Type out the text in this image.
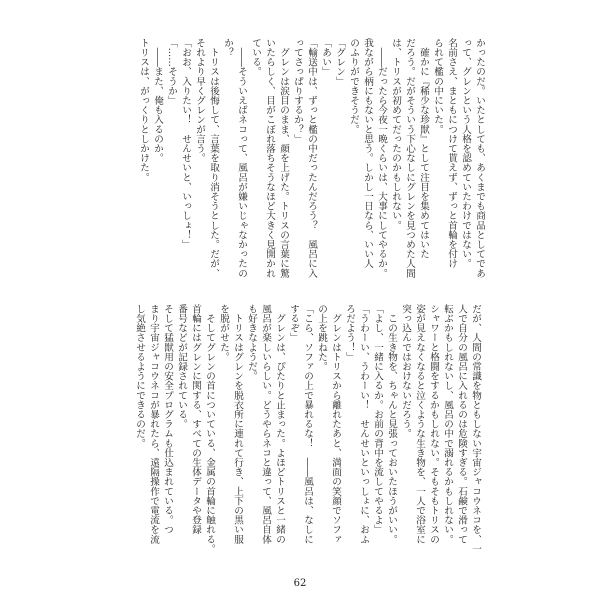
かったのだ。いたとしても、あくまでも商品としてであ
って、グレンという人格を認めていたわけではない。
名前さえ、まともにつけて貰えず、ずっと首輪を付け
られて檻の中にいた。
　確かに『稀少な珍獣』として注目を集めてはいた
だろう。だがそういう下心なしにグレンを見つめた人間
は、トリスが初めてだったのかもしれない。
　――だったら今夜一晩くらいは、大事にしてやるか。
我ながら柄にもないと思う。しかし一日なら、いい人
のふりができそうだ。
「グレン」
「あい」
「輸送中は、ずっと檻の中だったんだろう？　風呂に入
ってさっぱりするか？」
　グレンは涙目のまま、顔を上げた。トリスの言葉に驚
いたらしく、目がこぼれ落ちそうなほど大きく見開かれ
ている。
　――そういえばネコって、風呂が嫌いじゃなかったの
か？
　トリスは後悔して、言葉を取り消そうとした。だが、
それより早くグレンが言う。
「おお、入りたい！　せんせいと、いっしょ！」
「……そうか」
　――また、俺も入るのか。
トリスは、がっくりとしかけた。
だが、人間の常識を物ともしない宇宙ジャコウネコを、一
人で自分の風呂に入れるのは危険すぎる。石鹸で滑って
転ぶかもしれないし、風呂の中で溺れるかもしれない。
シャワーと格闘をするかもしれない。そもそもトリスの
姿が見えなくなると泣くような生き物を、一人で浴室に
突っ込んではおけないだろう。
　この生き物を、ちゃんと見張っておいたほうがいい。
「よし、一緒に入るか。お前の背中を流してやるよ」
「うわーい、うわーい！　せんせいといっしょに、おふ
ろだよう！」
　グレンはトリスから離れたあと、満面の笑顔でソファ
の上を跳ねた。
「こら、ソファの上で暴れるな！　――風呂は、なしに
するぞ」
　グレンは、ぴたりと止まった。よほどトリスと一緒の
風呂が楽しいらしい。どうやらネコと違って、風呂自体
も好きなようだ。
　トリスはグレンを脱衣所に連れて行き、上下の黒い服
を脱がせた。
　そしてグレンの首についている、金属の首輪に触れる。
首輪にはグレンに関する、すべての生体データや登録
番号などが記録されている。
そして猛獣用の安全プログラムも仕込まれている。つ
まり宇宙ジャコウネコが暴れたら、遠隔操作で電流を流
し気絶させるようにできるのだ。
62
